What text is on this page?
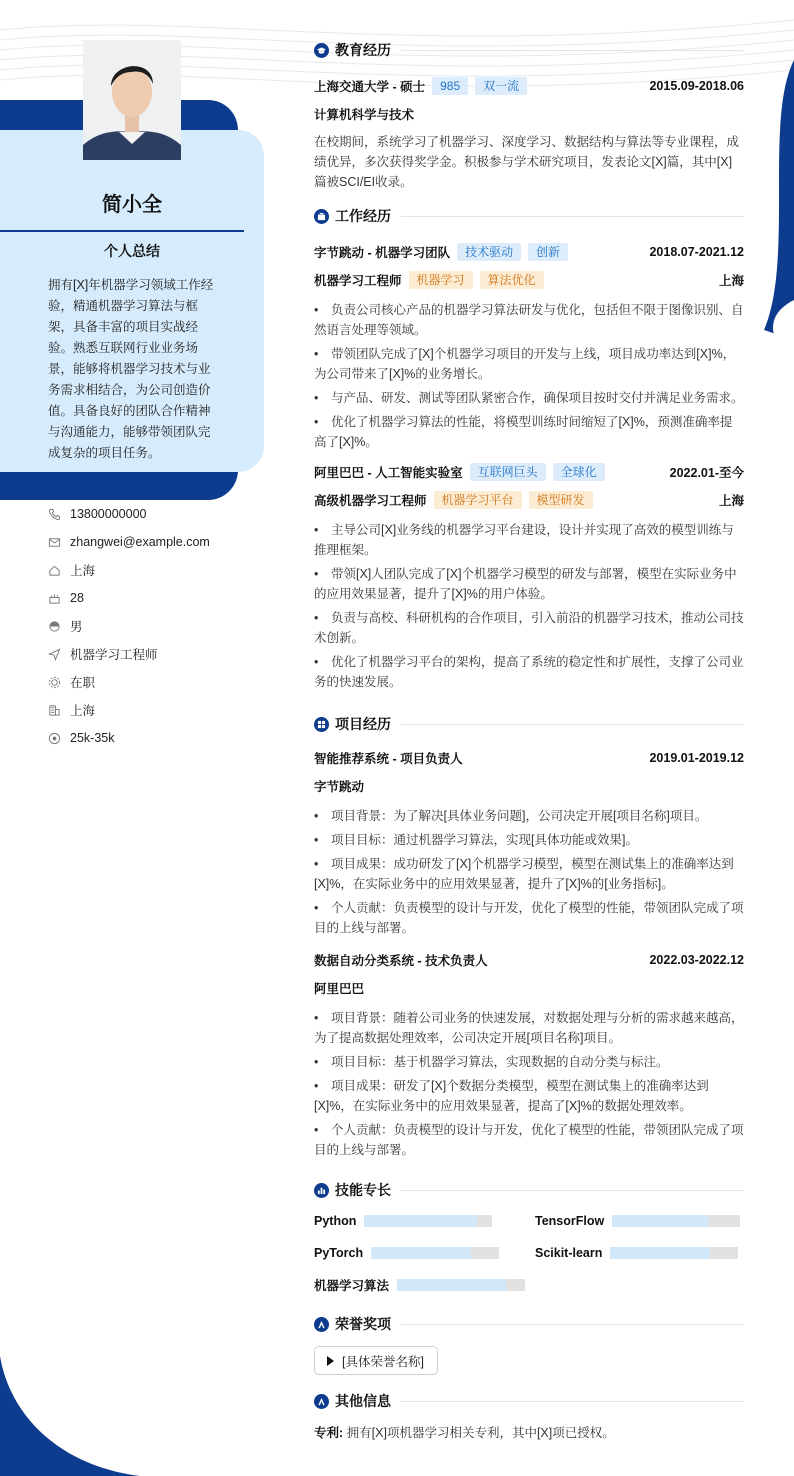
简小全
个人总结
拥有[X]年机器学习领域工作经验，精通机器学习算法与框架，具备丰富的项目实战经验。熟悉互联网行业业务场景，能够将机器学习技术与业务需求相结合，为公司创造价值。具备良好的团队合作精神与沟通能力，能够带领团队完成复杂的项目任务。
13800000000
zhangwei@example.com
上海
28
男
机器学习工程师
在职
上海
25k-35k
教育经历
上海交通大学 - 硕士	985	双一流	2015.09-2018.06
计算机科学与技术
在校期间，系统学习了机器学习、深度学习、数据结构与算法等专业课程，成绩优异，多次获得奖学金。积极参与学术研究项目，发表论文[X]篇，其中[X]篇被SCI/EI收录。
工作经历
字节跳动 - 机器学习团队	技术驱动	创新	2018.07-2021.12
机器学习工程师	机器学习	算法优化	上海
•负责公司核心产品的机器学习算法研发与优化，包括但不限于图像识别、自然语言处理等领域。
•带领团队完成了[X]个机器学习项目的开发与上线，项目成功率达到[X]%，为公司带来了[X]%的业务增长。
•与产品、研发、测试等团队紧密合作，确保项目按时交付并满足业务需求。
•优化了机器学习算法的性能，将模型训练时间缩短了[X]%，预测准确率提高了[X]%。
阿里巴巴 - 人工智能实验室	互联网巨头	全球化	2022.01-至今
高级机器学习工程师	机器学习平台	模型研发	上海
•主导公司[X]业务线的机器学习平台建设，设计并实现了高效的模型训练与推理框架。
•带领[X]人团队完成了[X]个机器学习模型的研发与部署，模型在实际业务中的应用效果显著，提升了[X]%的用户体验。
•负责与高校、科研机构的合作项目，引入前沿的机器学习技术，推动公司技术创新。
•优化了机器学习平台的架构，提高了系统的稳定性和扩展性，支撑了公司业务的快速发展。
项目经历
智能推荐系统 - 项目负责人	2019.01-2019.12
字节跳动
•项目背景：为了解决[具体业务问题]，公司决定开展[项目名称]项目。
•项目目标：通过机器学习算法，实现[具体功能或效果]。
•项目成果：成功研发了[X]个机器学习模型，模型在测试集上的准确率达到[X]%，在实际业务中的应用效果显著，提升了[X]%的[业务指标]。
•个人贡献：负责模型的设计与开发，优化了模型的性能，带领团队完成了项目的上线与部署。
数据自动分类系统 - 技术负责人	2022.03-2022.12
阿里巴巴
•项目背景：随着公司业务的快速发展，对数据处理与分析的需求越来越高，为了提高数据处理效率，公司决定开展[项目名称]项目。
•项目目标：基于机器学习算法，实现数据的自动分类与标注。
•项目成果：研发了[X]个数据分类模型，模型在测试集上的准确率达到[X]%，在实际业务中的应用效果显著，提高了[X]%的数据处理效率。
•个人贡献：负责模型的设计与开发，优化了模型的性能，带领团队完成了项目的上线与部署。
技能专长
Python	TensorFlow
PyTorch	Scikit-learn
机器学习算法
荣誉奖项
[具体荣誉名称]
其他信息
专利: 拥有[X]项机器学习相关专利，其中[X]项已授权。
